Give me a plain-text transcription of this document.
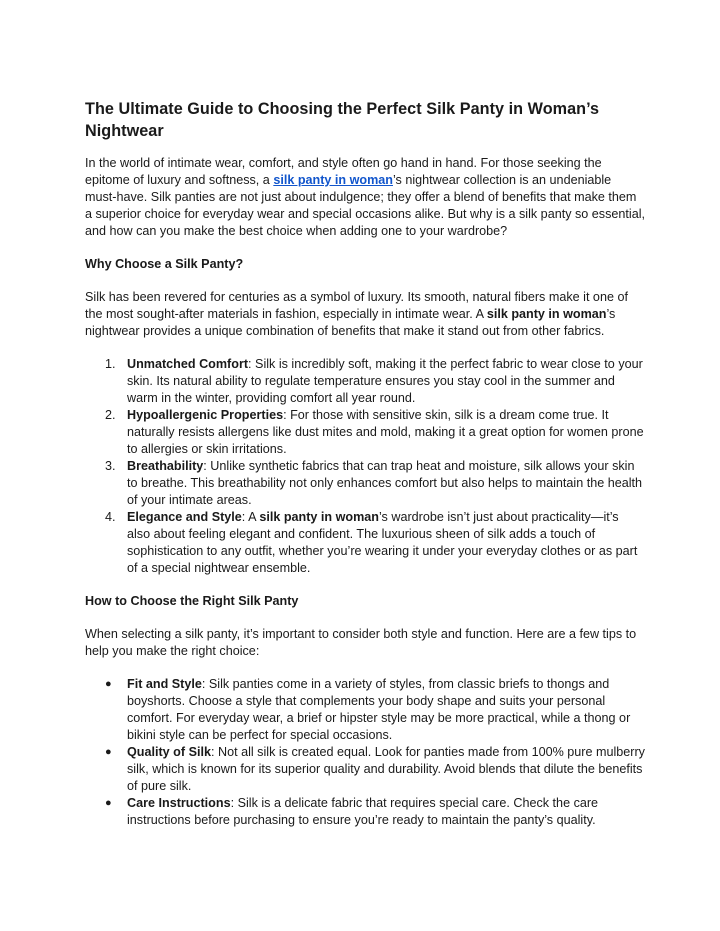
The Ultimate Guide to Choosing the Perfect Silk Panty in Woman’s Nightwear

In the world of intimate wear, comfort, and style often go hand in hand. For those seeking the epitome of luxury and softness, a silk panty in woman’s nightwear collection is an undeniable must-have. Silk panties are not just about indulgence; they offer a blend of benefits that make them a superior choice for everyday wear and special occasions alike. But why is a silk panty so essential, and how can you make the best choice when adding one to your wardrobe?

Why Choose a Silk Panty?

Silk has been revered for centuries as a symbol of luxury. Its smooth, natural fibers make it one of the most sought-after materials in fashion, especially in intimate wear. A silk panty in woman’s nightwear provides a unique combination of benefits that make it stand out from other fabrics.

1. Unmatched Comfort: Silk is incredibly soft, making it the perfect fabric to wear close to your skin. Its natural ability to regulate temperature ensures you stay cool in the summer and warm in the winter, providing comfort all year round.
2. Hypoallergenic Properties: For those with sensitive skin, silk is a dream come true. It naturally resists allergens like dust mites and mold, making it a great option for women prone to allergies or skin irritations.
3. Breathability: Unlike synthetic fabrics that can trap heat and moisture, silk allows your skin to breathe. This breathability not only enhances comfort but also helps to maintain the health of your intimate areas.
4. Elegance and Style: A silk panty in woman’s wardrobe isn’t just about practicality—it’s also about feeling elegant and confident. The luxurious sheen of silk adds a touch of sophistication to any outfit, whether you’re wearing it under your everyday clothes or as part of a special nightwear ensemble.
How to Choose the Right Silk Panty

When selecting a silk panty, it’s important to consider both style and function. Here are a few tips to help you make the right choice:

● Fit and Style: Silk panties come in a variety of styles, from classic briefs to thongs and boyshorts. Choose a style that complements your body shape and suits your personal comfort. For everyday wear, a brief or hipster style may be more practical, while a thong or bikini style can be perfect for special occasions.
● Quality of Silk: Not all silk is created equal. Look for panties made from 100% pure mulberry silk, which is known for its superior quality and durability. Avoid blends that dilute the benefits of pure silk.
● Care Instructions: Silk is a delicate fabric that requires special care. Check the care instructions before purchasing to ensure you’re ready to maintain the panty’s quality.
